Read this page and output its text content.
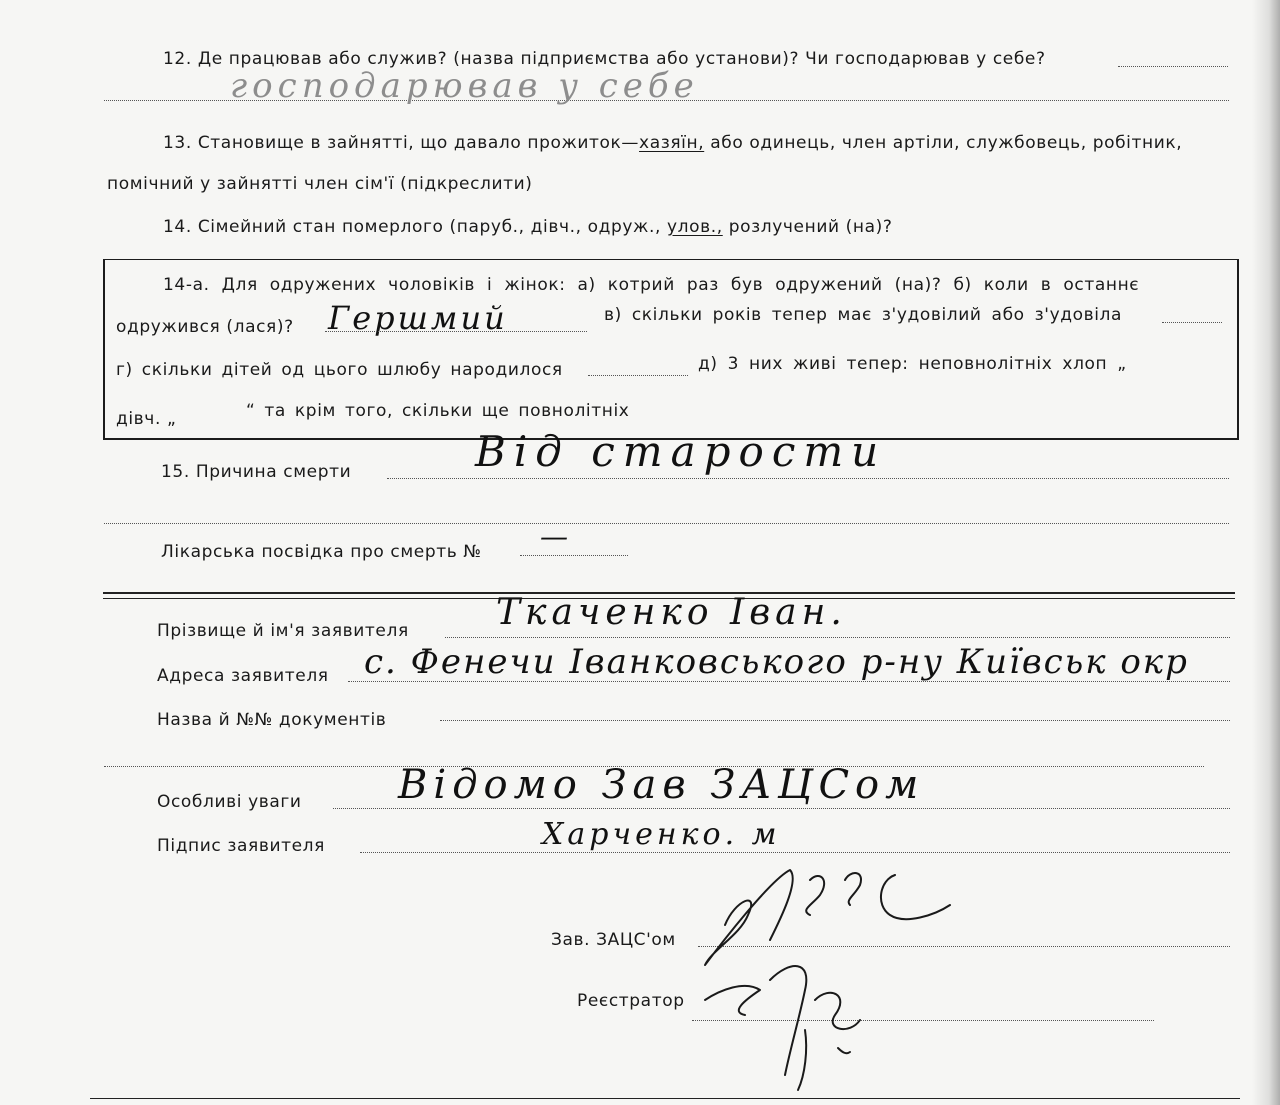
12. Де працював або служив? (назва підприємства або установи)? Чи господарював у себе?
господарював у себе
13. Становище в зайнятті, що давало прожиток—хазяїн, або одинець, член артіли, службовець, робітник,
помічний у зайнятті член сім'ї (підкреслити)
14. Сімейний стан померлого (паруб., дівч., одруж., улов., розлучений (на)?
14-а. Для одружених чоловіків і жінок: а) котрий раз був одружений (на)? б) коли в останнє
одружився (лася)? Гершмий	в) скільки років тепер має з'удовілий або з'удовіла
г) скільки дітей од цього шлюбу народилося	д) 3 них живі тепер: неповнолітніх хлоп „
дівч. „	“ та крім того, скільки ще повнолітніх
15. Причина смерти	Від старости
Лікарська посвідка про смерть № —
Прізвище й ім'я заявителя Ткаченко Іван.
Адреса заявителя с. Фенечи Іванковського р-ну Київськ окр
Назва й №№ документів
Особливі уваги Відомо Зав ЗАЦСом
Підпис заявителя	Харченко. м
Зав. ЗАЦС'ом
Реєстратор
